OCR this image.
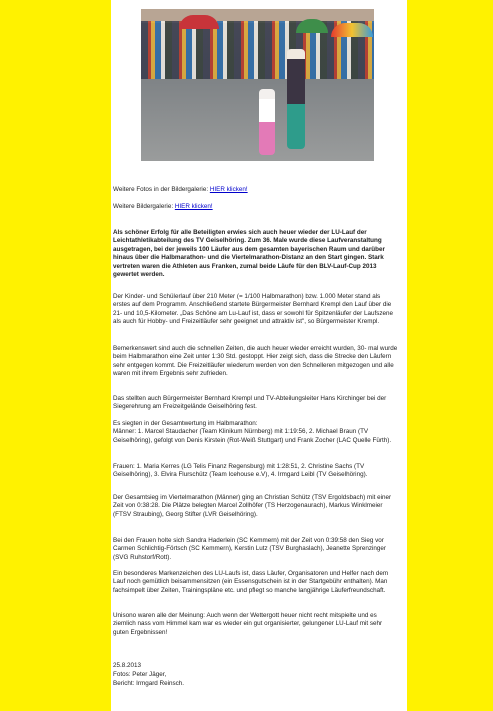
Weitere Fotos in der Bildergalerie: HIER klicken!

Weitere Bildergalerie: HIER klicken!

Als schöner Erfolg für alle Beteiligten erwies sich auch heuer wieder der LU-Lauf der Leichtathletikabteilung des TV Geiselhöring. Zum 36. Male wurde diese Laufveranstaltung ausgetragen, bei der jeweils 100 Läufer aus dem gesamten bayerischen Raum und darüber hinaus über die Halbmarathon- und die Viertelmarathon-Distanz an den Start gingen. Stark vertreten waren die Athleten aus Franken, zumal beide Läufe für den BLV-Lauf-Cup 2013 gewertet werden.

Der Kinder- und Schülerlauf über 210 Meter (= 1/100 Halbmarathon) bzw. 1.000 Meter stand als erstes auf dem Programm. Anschließend startete Bürgermeister Bernhard Krempl den Lauf über die 21- und 10,5-Kilometer. „Das Schöne am Lu-Lauf ist, dass er sowohl für Spitzenläufer der Laufszene als auch für Hobby- und Freizeitläufer sehr geeignet und attraktiv ist", so Bürgermeister Krempl.

Bemerkenswert sind auch die schnellen Zeiten, die auch heuer wieder erreicht wurden, 30- mal wurde beim Halbmarathon eine Zeit unter 1:30 Std. gestoppt. Hier zeigt sich, dass die Strecke den Läufern sehr entgegen kommt. Die Freizeitläufer wiederum werden von den Schnelleren mitgezogen und alle waren mit ihrem Ergebnis sehr zufrieden.

Das stellten auch Bürgermeister Bernhard Krempl und TV-Abteilungsleiter Hans Kirchinger bei der Siegerehrung am Freizeitgelände Geiselhöring fest.

Es siegten in der Gesamtwertung im Halbmarathon:
Männer: 1. Marcel Staudacher (Team Klinikum Nürnberg) mit 1:19:56, 2. Michael Braun (TV Geiselhöring), gefolgt von Denis Kirstein (Rot-Weiß Stuttgart) und Frank Zocher (LAC Quelle Fürth).

Frauen: 1. Maria Kerres (LG Telis Finanz Regensburg) mit 1:28:51, 2. Christine Sachs (TV Geiselhöring), 3. Elvira Flurschütz (Team Icehouse e.V), 4. Irmgard Leibl (TV Geiselhöring).

Der Gesamtsieg im Viertelmarathon (Männer) ging an Christian Schütz (TSV Ergoldsbach) mit einer Zeit von 0:38:28. Die Plätze belegten Marcel Zollhöfer (TS Herzogenaurach), Markus Winklmeier (FTSV Straubing), Georg Stifter (LVR Geiselhöring).

Bei den Frauen holte sich Sandra Haderlein (SC Kemmern) mit der Zeit von 0:39:58 den Sieg vor Carmen Schlichtig-Förtsch (SC Kemmern), Kerstin Lutz (TSV Burghaslach), Jeanette Sprenzinger (SVG Ruhstorf/Rott).

Ein besonderes Markenzeichen des LU-Laufs ist, dass Läufer, Organisatoren und Helfer nach dem Lauf noch gemütlich beisammensitzen (ein Essensgutschein ist in der Startgebühr enthalten). Man fachsimpelt über Zeiten, Trainingspläne etc. und pflegt so manche langjährige Läuferfreundschaft.

Unisono waren alle der Meinung: Auch wenn der Wettergott heuer nicht recht mitspielte und es ziemlich nass vom Himmel kam war es wieder ein gut organisierter, gelungener LU-Lauf mit sehr guten Ergebnissen!

25.8.2013

Fotos: Peter Jäger,

Bericht: Irmgard Reinsch.
